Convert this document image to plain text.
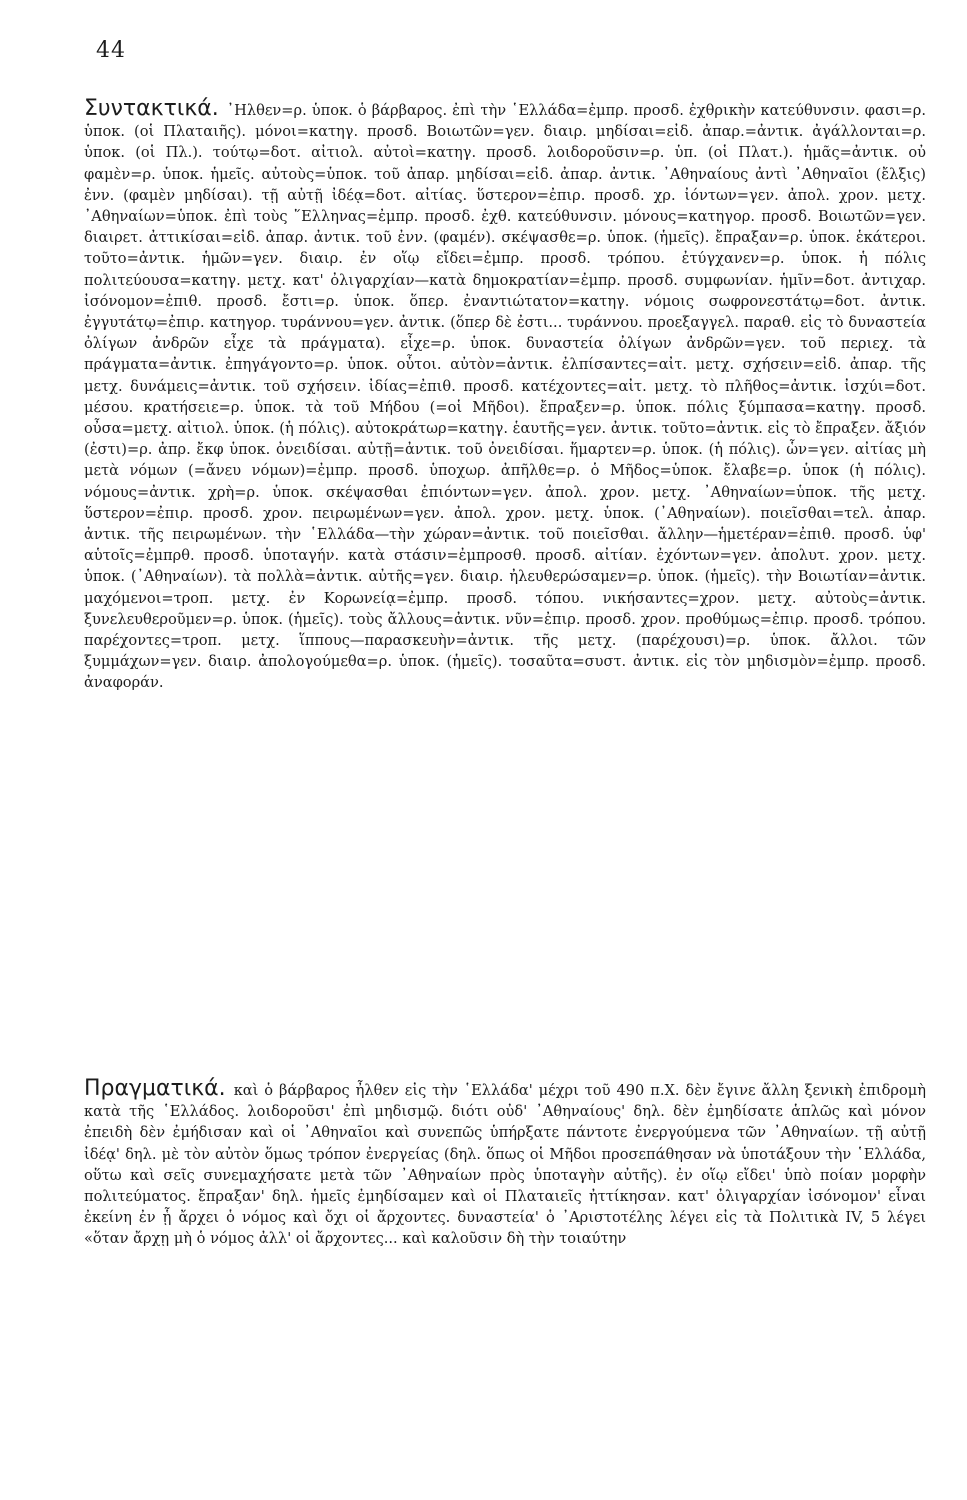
44

Συντακτικά. ᾿Ηλθεν=ρ. ὑποκ. ὁ βάρβαρος. ἐπὶ τὴν ῾Ελλάδα=ἐμπρ. προσδ. ἐχθρικὴν κατεύθυνσιν. φασι=ρ. ὑποκ. (οἱ Πλαταιῆς). μόνοι=κατηγ. προσδ. Βοιωτῶν=γεν. διαιρ. μηδίσαι=εἰδ. ἀπαρ.=ἀντικ. ἀγάλλονται=ρ. ὑποκ. (οἱ Πλ.). τούτῳ=δοτ. αἰτιολ. αὐτοὶ=κατηγ. προσδ. λοιδοροῦσιν=ρ. ὑπ. (οἱ Πλατ.). ἡμᾶς=ἀντικ. οὐ φαμὲν=ρ. ὑποκ. ἡμεῖς. αὐτοὺς=ὑποκ. τοῦ ἀπαρ. μηδίσαι=εἰδ. ἀπαρ. ἀντικ. ᾿Αθηναίους ἀντὶ ᾿Αθηναῖοι (ἔλξις) ἐνν. (φαμὲν μηδίσαι). τῇ αὐτῇ ἰδέᾳ=δοτ. αἰτίας. ὕστερον=ἐπιρ. προσδ. χρ. ἰόντων=γεν. ἀπολ. χρον. μετχ. ᾿Αθηναίων=ὑποκ. ἐπὶ τοὺς ῞Ελληνας=ἐμπρ. προσδ. ἐχθ. κατεύθυνσιν. μόνους=κατηγορ. προσδ. Βοιωτῶν=γεν. διαιρετ. ἀττικίσαι=εἰδ. ἀπαρ. ἀντικ. τοῦ ἐνν. (φαμέν). σκέψασθε=ρ. ὑποκ. (ἡμεῖς). ἔπραξαν=ρ. ὑποκ. ἑκάτεροι. τοῦτο=ἀντικ. ἡμῶν=γεν. διαιρ. ἐν οἵῳ εἴδει=ἐμπρ. προσδ. τρόπου. ἐτύγχανεν=ρ. ὑποκ. ἡ πόλις πολιτεύουσα=κατηγ. μετχ. κατ' ὀλιγαρχίαν—κατὰ δημοκρατίαν=ἐμπρ. προσδ. συμφωνίαν. ἡμῖν=δοτ. ἀντιχαρ. ἰσόνομον=ἐπιθ. προσδ. ἔστι=ρ. ὑποκ. ὅπερ. ἐναντιώτατον=κατηγ. νόμοις σωφρονεστάτῳ=δοτ. ἀντικ. ἐγγυτάτῳ=ἐπιρ. κατηγορ. τυράννου=γεν. ἀντικ. (ὅπερ δὲ ἐστι... τυράννου. προεξαγγελ. παραθ. εἰς τὸ δυναστεία ὀλίγων ἀνδρῶν εἶχε τὰ πράγματα). εἶχε=ρ. ὑποκ. δυναστεία ὀλίγων ἀνδρῶν=γεν. τοῦ περιεχ. τὰ πράγματα=ἀντικ. ἐπηγάγοντο=ρ. ὑποκ. οὗτοι. αὐτὸν=ἀντικ. ἐλπίσαντες=αἰτ. μετχ. σχήσειν=εἰδ. ἀπαρ. τῆς μετχ. δυνάμεις=ἀντικ. τοῦ σχήσειν. ἰδίας=ἐπιθ. προσδ. κατέχοντες=αἰτ. μετχ. τὸ πλῆθος=ἀντικ. ἰσχύι=δοτ. μέσου. κρατήσειε=ρ. ὑποκ. τὰ τοῦ Μήδου (=οἱ Μῆδοι). ἔπραξεν=ρ. ὑποκ. πόλις ξύμπασα=κατηγ. προσδ. οὖσα=μετχ. αἰτιολ. ὑποκ. (ἡ πόλις). αὐτοκράτωρ=κατηγ. ἑαυτῆς=γεν. ἀντικ. τοῦτο=ἀντικ. εἰς τὸ ἔπραξεν. ἄξιόν (ἐστι)=ρ. ἀπρ. ἔκφ ὑποκ. ὀνειδίσαι. αὐτῇ=ἀντικ. τοῦ ὀνειδίσαι. ἥμαρτεν=ρ. ὑποκ. (ἡ πόλις). ὧν=γεν. αἰτίας μὴ μετὰ νόμων (=ἄνευ νόμων)=ἐμπρ. προσδ. ὑποχωρ. ἀπῆλθε=ρ. ὁ Μῆδος=ὑποκ. ἔλαβε=ρ. ὑποκ (ἡ πόλις). νόμους=ἀντικ. χρὴ=ρ. ὑποκ. σκέψασθαι ἐπιόντων=γεν. ἀπολ. χρον. μετχ. ᾿Αθηναίων=ὑποκ. τῆς μετχ. ὕστερον=ἐπιρ. προσδ. χρον. πειρωμένων=γεν. ἀπολ. χρον. μετχ. ὑποκ. (᾿Αθηναίων). ποιεῖσθαι=τελ. ἀπαρ. ἀντικ. τῆς πειρωμένων. τὴν ῾Ελλάδα—τὴν χώραν=ἀντικ. τοῦ ποιεῖσθαι. ἄλλην—ἡμετέραν=ἐπιθ. προσδ. ὑφ' αὑτοῖς=ἐμπρθ. προσδ. ὑποταγήν. κατὰ στάσιν=ἐμπροσθ. προσδ. αἰτίαν. ἐχόντων=γεν. ἀπολυτ. χρον. μετχ. ὑποκ. (᾿Αθηναίων). τὰ πολλὰ=ἀντικ. αὐτῆς=γεν. διαιρ. ἠλευθερώσαμεν=ρ. ὑποκ. (ἡμεῖς). τὴν Βοιωτίαν=ἀντικ. μαχόμενοι=τροπ. μετχ. ἐν Κορωνείᾳ=ἐμπρ. προσδ. τόπου. νικήσαντες=χρον. μετχ. αὐτοὺς=ἀντικ. ξυνελευθεροῦμεν=ρ. ὑποκ. (ἡμεῖς). τοὺς ἄλλους=ἀντικ. νῦν=ἐπιρ. προσδ. χρον. προθύμως=ἐπιρ. προσδ. τρόπου. παρέχοντες=τροπ. μετχ. ἵππους—παρασκευὴν=ἀντικ. τῆς μετχ. (παρέχουσι)=ρ. ὑποκ. ἄλλοι. τῶν ξυμμάχων=γεν. διαιρ. ἀπολογούμεθα=ρ. ὑποκ. (ἡμεῖς). τοσαῦτα=συστ. ἀντικ. εἰς τὸν μηδισμὸν=ἐμπρ. προσδ. ἀναφοράν.

Πραγματικά. καὶ ὁ βάρβαρος ἦλθεν εἰς τὴν ῾Ελλάδα' μέχρι τοῦ 490 π.Χ. δὲν ἔγινε ἄλλη ξενικὴ ἐπιδρομὴ κατὰ τῆς ῾Ελλάδος. λοιδοροῦσι' ἐπὶ μηδισμῷ. διότι οὐδ' ᾿Αθηναίους' δηλ. δὲν ἐμηδίσατε ἁπλῶς καὶ μόνον ἐπειδὴ δὲν ἐμήδισαν καὶ οἱ ᾿Αθηναῖοι καὶ συνεπῶς ὑπήρξατε πάντοτε ἐνεργούμενα τῶν ᾿Αθηναίων. τῇ αὐτῇ ἰδέᾳ' δηλ. μὲ τὸν αὐτὸν ὅμως τρόπον ἐνεργείας (δηλ. ὅπως οἱ Μῆδοι προσεπάθησαν νὰ ὑποτάξουν τὴν ῾Ελλάδα, οὕτω καὶ σεῖς συνεμαχήσατε μετὰ τῶν ᾿Αθηναίων πρὸς ὑποταγὴν αὐτῆς). ἐν οἵῳ εἴδει' ὑπὸ ποίαν μορφὴν πολιτεύματος. ἔπραξαν' δηλ. ἡμεῖς ἐμηδίσαμεν καὶ οἱ Πλαταιεῖς ἠττίκησαν. κατ' ὀλιγαρχίαν ἰσόνομον' εἶναι ἐκείνη ἐν ᾗ ἄρχει ὁ νόμος καὶ ὄχι οἱ ἄρχοντες. δυναστεία' ὁ ᾿Αριστοτέλης λέγει εἰς τὰ Πολιτικὰ IV, 5 λέγει «ὅταν ἄρχῃ μὴ ὁ νόμος ἀλλ' οἱ ἄρχοντες... καὶ καλοῦσιν δὴ τὴν τοιαύτην
